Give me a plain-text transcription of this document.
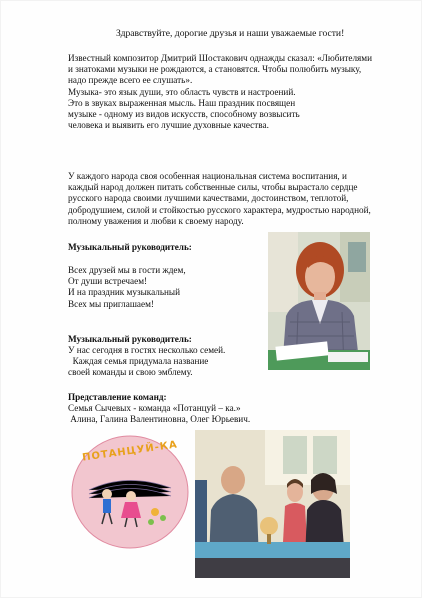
Здравствуйте, дорогие друзья и наши уважаемые гости!
Известный композитор Дмитрий Шостакович однажды сказал: «Любителями
и знатоками музыки не рождаются, а становятся. Чтобы полюбить музыку,
надо прежде всего ее слушать».
Музыка- это язык души, это область чувств и настроений.
Это в звуках выраженная мысль. Наш праздник посвящен
музыке - одному из видов искусств, способному возвысить
человека и выявить его лучшие духовные качества.
У каждого народа своя особенная национальная система воспитания, и
каждый народ должен питать собственные силы, чтобы вырастало сердце
русского народа своими лучшими качествами, достоинством, теплотой,
добродушием, силой и стойкостью русского характера, мудростью народной,
полному уважения и любви к своему народу.
Музыкальный руководитель:
Всех друзей мы в гости ждем,
От души встречаем!
И на праздник музыкальный
Всех мы приглашаем!
Музыкальный руководитель:
У нас сегодня в гостях несколько семей.
Каждая семья придумала название
своей команды и свою эмблему.
Представление команд:
Семья Сычевых - команда «Потанцуй – ка.»
Алина, Галина Валентиновна, Олег Юрьевич.
ПОТАНЦУЙ-КА
